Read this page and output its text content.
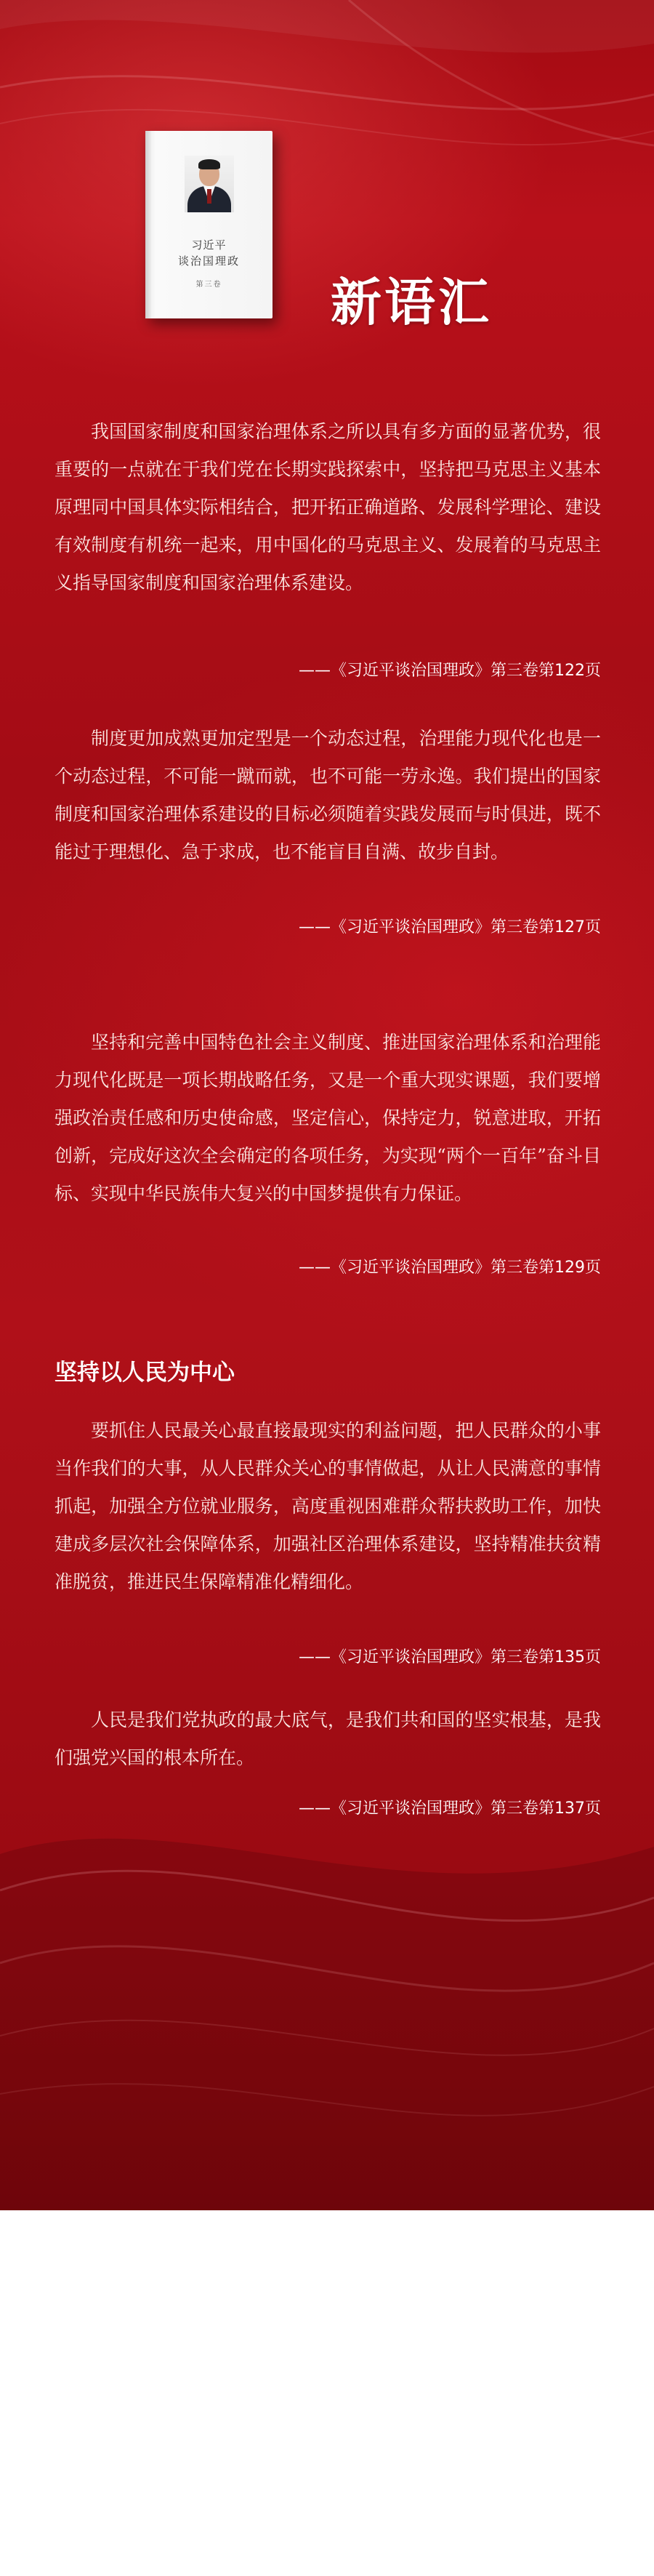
习近平
谈治国理政
第三卷	新语汇

我国国家制度和国家治理体系之所以具有多方面的显著优势，很重要的一点就在于我们党在长期实践探索中，坚持把马克思主义基本原理同中国具体实际相结合，把开拓正确道路、发展科学理论、建设有效制度有机统一起来，用中国化的马克思主义、发展着的马克思主义指导国家制度和国家治理体系建设。

——《习近平谈治国理政》第三卷第122页

制度更加成熟更加定型是一个动态过程，治理能力现代化也是一个动态过程，不可能一蹴而就，也不可能一劳永逸。我们提出的国家制度和国家治理体系建设的目标必须随着实践发展而与时俱进，既不能过于理想化、急于求成，也不能盲目自满、故步自封。

——《习近平谈治国理政》第三卷第127页

坚持和完善中国特色社会主义制度、推进国家治理体系和治理能力现代化既是一项长期战略任务，又是一个重大现实课题，我们要增强政治责任感和历史使命感，坚定信心，保持定力，锐意进取，开拓创新，完成好这次全会确定的各项任务，为实现“两个一百年”奋斗目标、实现中华民族伟大复兴的中国梦提供有力保证。

——《习近平谈治国理政》第三卷第129页
坚持以人民为中心

要抓住人民最关心最直接最现实的利益问题，把人民群众的小事当作我们的大事，从人民群众关心的事情做起，从让人民满意的事情抓起，加强全方位就业服务，高度重视困难群众帮扶救助工作，加快建成多层次社会保障体系，加强社区治理体系建设，坚持精准扶贫精准脱贫，推进民生保障精准化精细化。

——《习近平谈治国理政》第三卷第135页

人民是我们党执政的最大底气，是我们共和国的坚实根基，是我们强党兴国的根本所在。

——《习近平谈治国理政》第三卷第137页
